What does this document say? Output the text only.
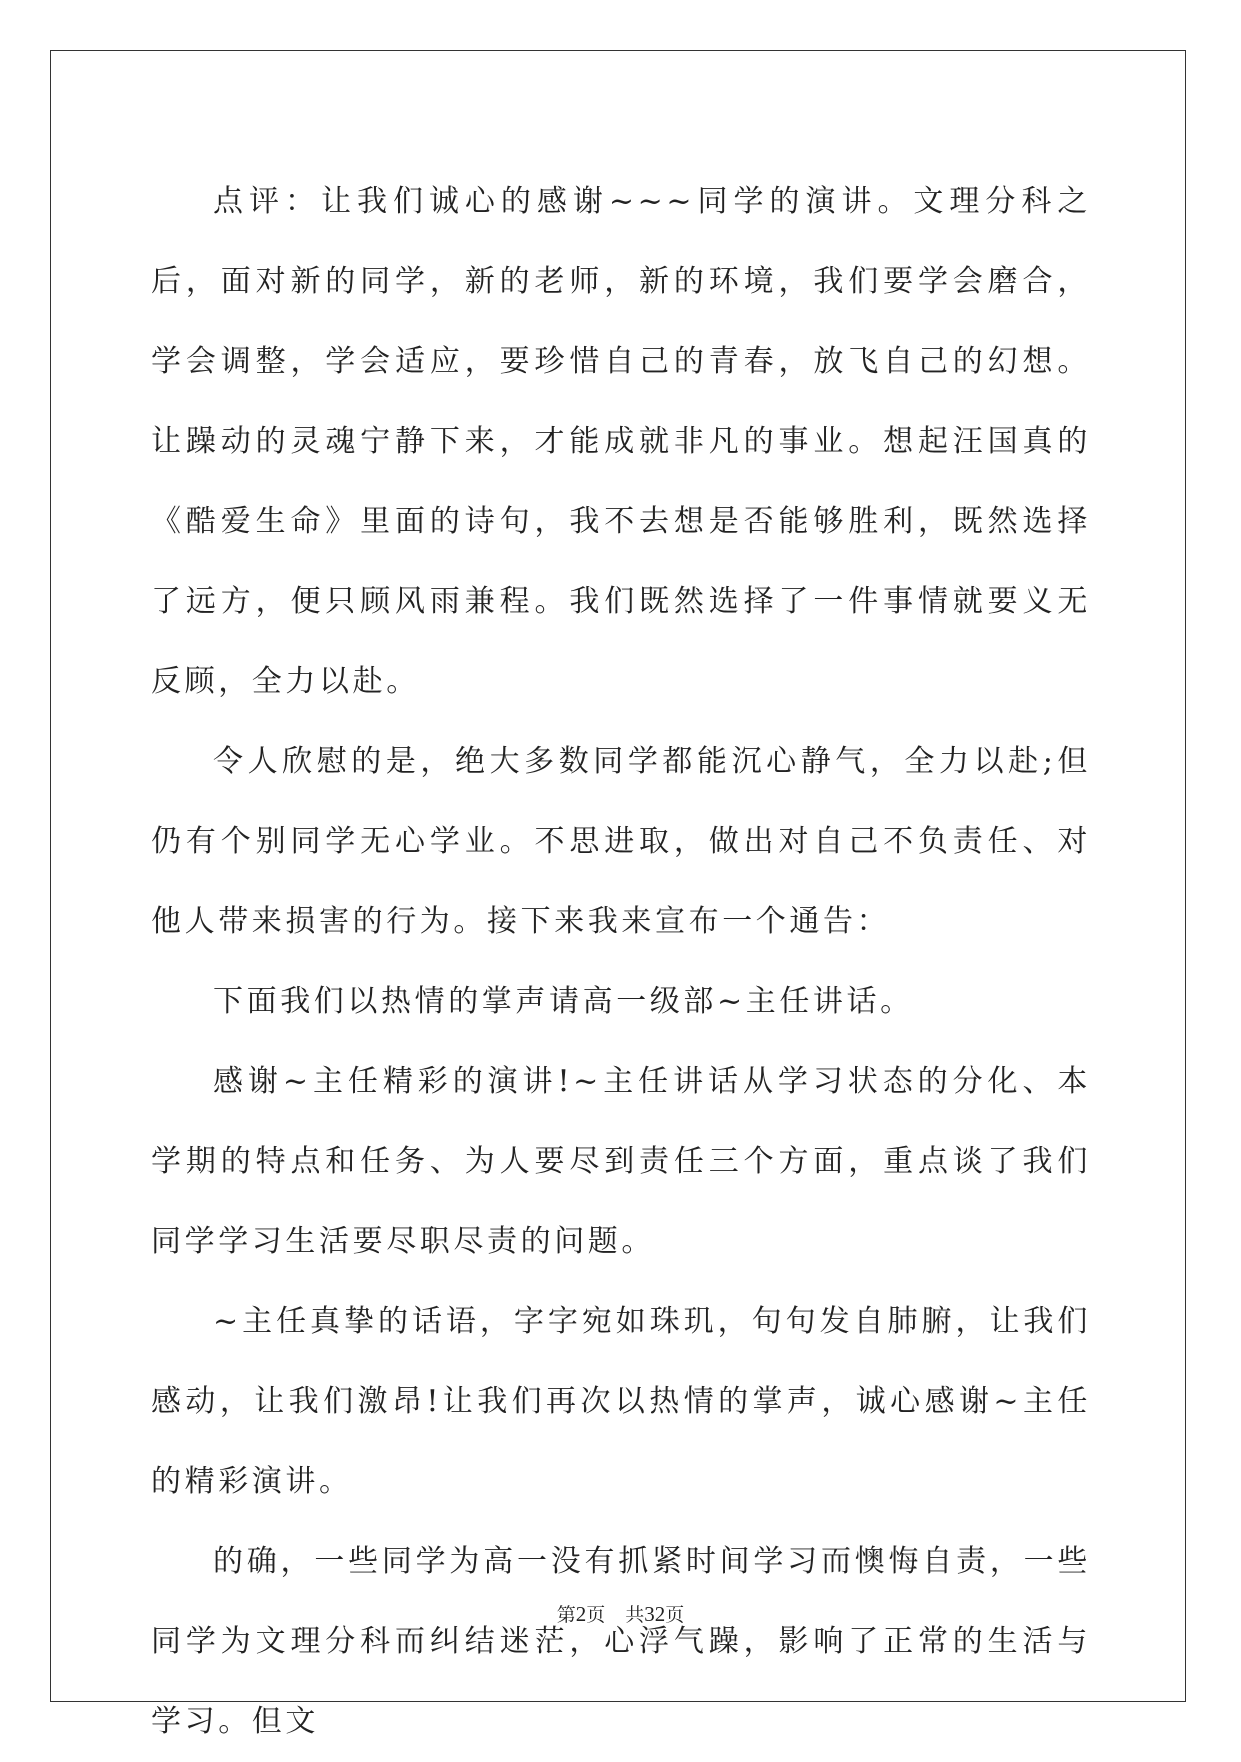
点评：让我们诚心的感谢~~~同学的演讲。文理分科之后，面对新的同学，新的老师，新的环境，我们要学会磨合，学会调整，学会适应，要珍惜自己的青春，放飞自己的幻想。让躁动的灵魂宁静下来，才能成就非凡的事业。想起汪国真的《酷爱生命》里面的诗句，我不去想是否能够胜利，既然选择了远方，便只顾风雨兼程。我们既然选择了一件事情就要义无反顾，全力以赴。

令人欣慰的是，绝大多数同学都能沉心静气，全力以赴;但仍有个别同学无心学业。不思进取，做出对自己不负责任、对他人带来损害的行为。接下来我来宣布一个通告：

下面我们以热情的掌声请高一级部~主任讲话。

感谢~主任精彩的演讲!~主任讲话从学习状态的分化、本学期的特点和任务、为人要尽到责任三个方面，重点谈了我们同学学习生活要尽职尽责的问题。

~主任真挚的话语，字字宛如珠玑，句句发自肺腑，让我们感动，让我们激昂!让我们再次以热情的掌声，诚心感谢~主任的精彩演讲。

的确，一些同学为高一没有抓紧时间学习而懊悔自责，一些同学为文理分科而纠结迷茫，心浮气躁，影响了正常的生活与学习。但文

第2页 共32页
